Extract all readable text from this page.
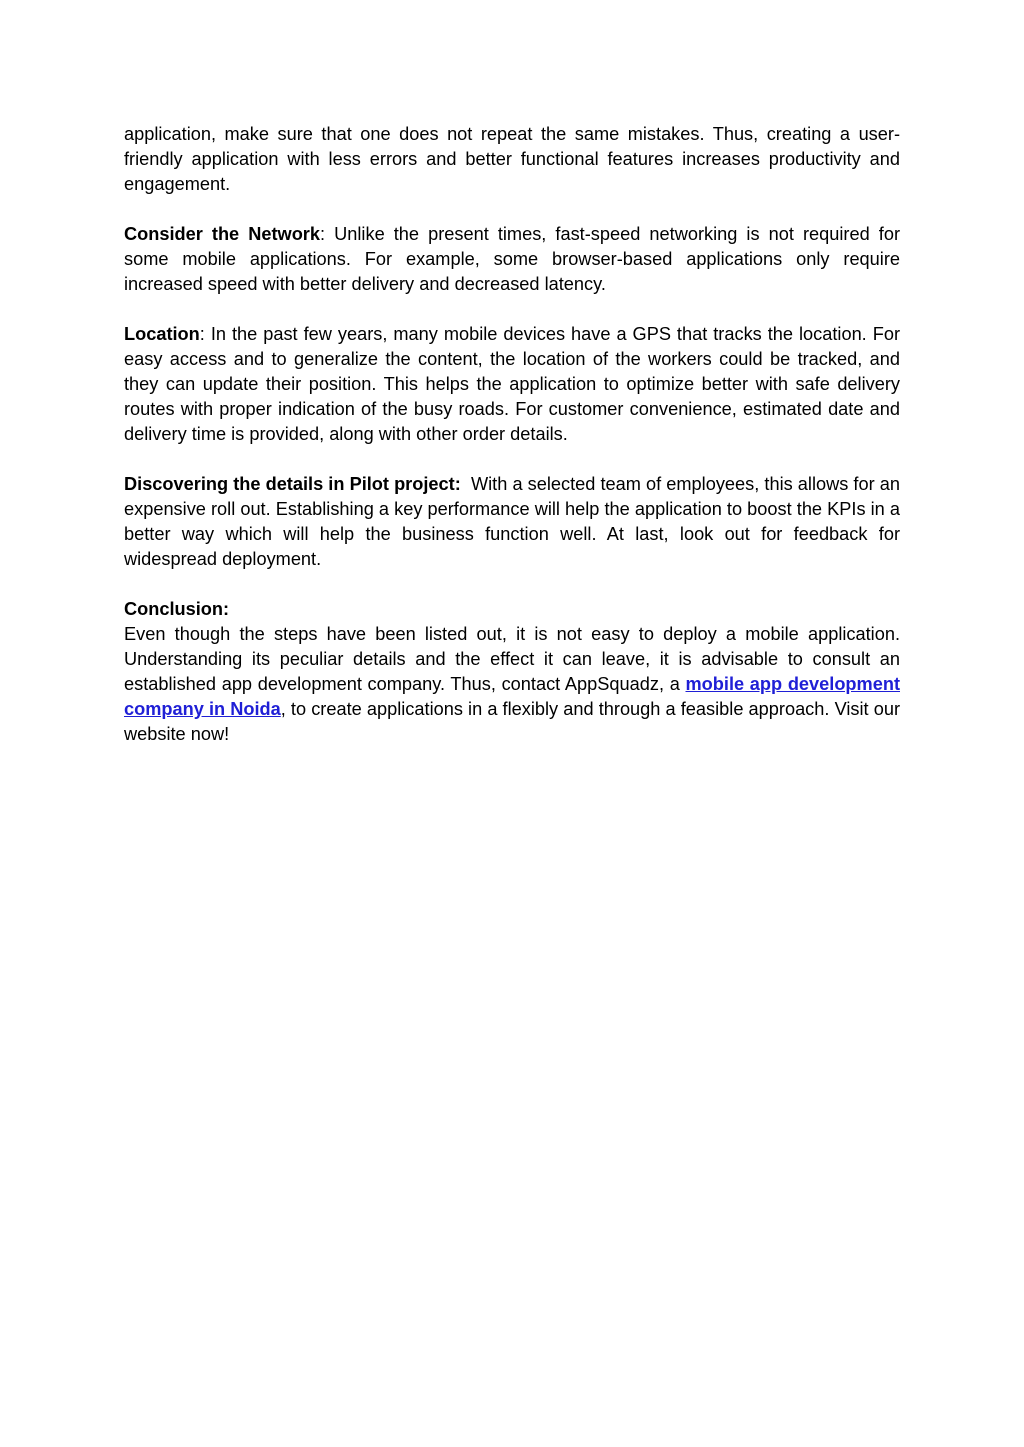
application, make sure that one does not repeat the same mistakes. Thus, creating a user-friendly application with less errors and better functional features increases productivity and engagement.

Consider the Network: Unlike the present times, fast-speed networking is not required for some mobile applications. For example, some browser-based applications only require increased speed with better delivery and decreased latency.

Location: In the past few years, many mobile devices have a GPS that tracks the location. For easy access and to generalize the content, the location of the workers could be tracked, and they can update their position. This helps the application to optimize better with safe delivery routes with proper indication of the busy roads. For customer convenience, estimated date and delivery time is provided, along with other order details.

Discovering the details in Pilot project:  With a selected team of employees, this allows for an expensive roll out. Establishing a key performance will help the application to boost the KPIs in a better way which will help the business function well. At last, look out for feedback for widespread deployment.

Conclusion:

Even though the steps have been listed out, it is not easy to deploy a mobile application. Understanding its peculiar details and the effect it can leave, it is advisable to consult an established app development company. Thus, contact AppSquadz, a mobile app development company in Noida, to create applications in a flexibly and through a feasible approach. Visit our website now!
